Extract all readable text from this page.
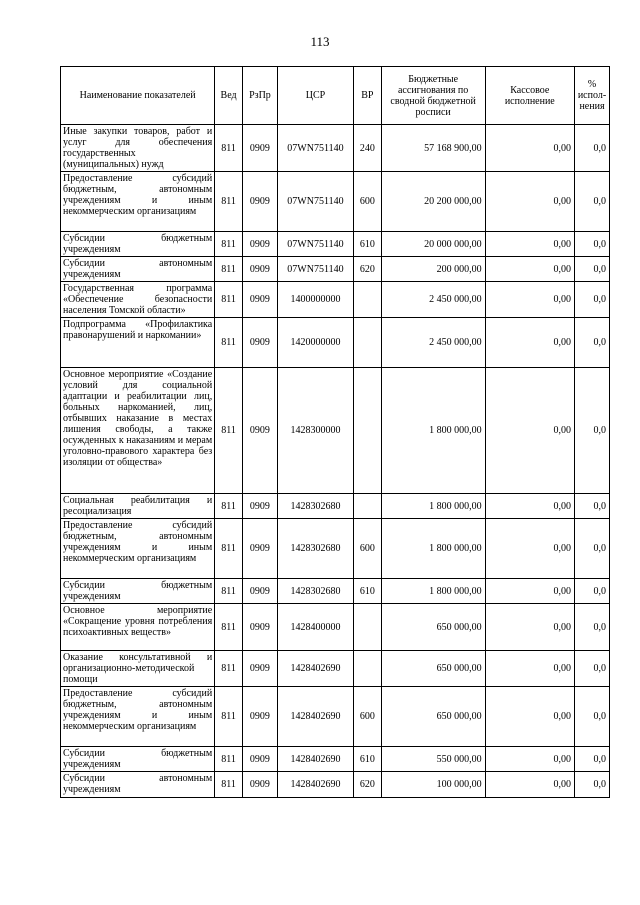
113
Наименование показателей	Вед	РзПр	ЦСР	ВР	Бюджетные ассигнования по сводной бюджетной росписи	Кассовое исполнение	% испол-нения
Иные закупки товаров, работ и услуг для обеспечения государственных (муниципальных) нужд	811	0909	07WN751140	240	57 168 900,00	0,00	0,0
Предоставление субсидий бюджетным, автономным учреждениям и иным некоммерческим организациям	811	0909	07WN751140	600	20 200 000,00	0,00	0,0
Субсидии бюджетным учреждениям	811	0909	07WN751140	610	20 000 000,00	0,00	0,0
Субсидии автономным учреждениям	811	0909	07WN751140	620	200 000,00	0,00	0,0
Государственная программа «Обеспечение безопасности населения Томской области»	811	0909	1400000000		2 450 000,00	0,00	0,0
Подпрограмма «Профилактика правонарушений и наркомании»	811	0909	1420000000		2 450 000,00	0,00	0,0
Основное мероприятие «Создание условий для социальной адаптации и реабилитации лиц, больных наркоманией, лиц, отбывших наказание в местах лишения свободы, а также осужденных к наказаниям и мерам уголовно-правового характера без изоляции от общества»	811	0909	1428300000		1 800 000,00	0,00	0,0
Социальная реабилитация и ресоциализация	811	0909	1428302680		1 800 000,00	0,00	0,0
Предоставление субсидий бюджетным, автономным учреждениям и иным некоммерческим организациям	811	0909	1428302680	600	1 800 000,00	0,00	0,0
Субсидии бюджетным учреждениям	811	0909	1428302680	610	1 800 000,00	0,00	0,0
Основное мероприятие «Сокращение уровня потребления психоактивных веществ»	811	0909	1428400000		650 000,00	0,00	0,0
Оказание консультативной и организационно-методической помощи	811	0909	1428402690		650 000,00	0,00	0,0
Предоставление субсидий бюджетным, автономным учреждениям и иным некоммерческим организациям	811	0909	1428402690	600	650 000,00	0,00	0,0
Субсидии бюджетным учреждениям	811	0909	1428402690	610	550 000,00	0,00	0,0
Субсидии автономным учреждениям	811	0909	1428402690	620	100 000,00	0,00	0,0
